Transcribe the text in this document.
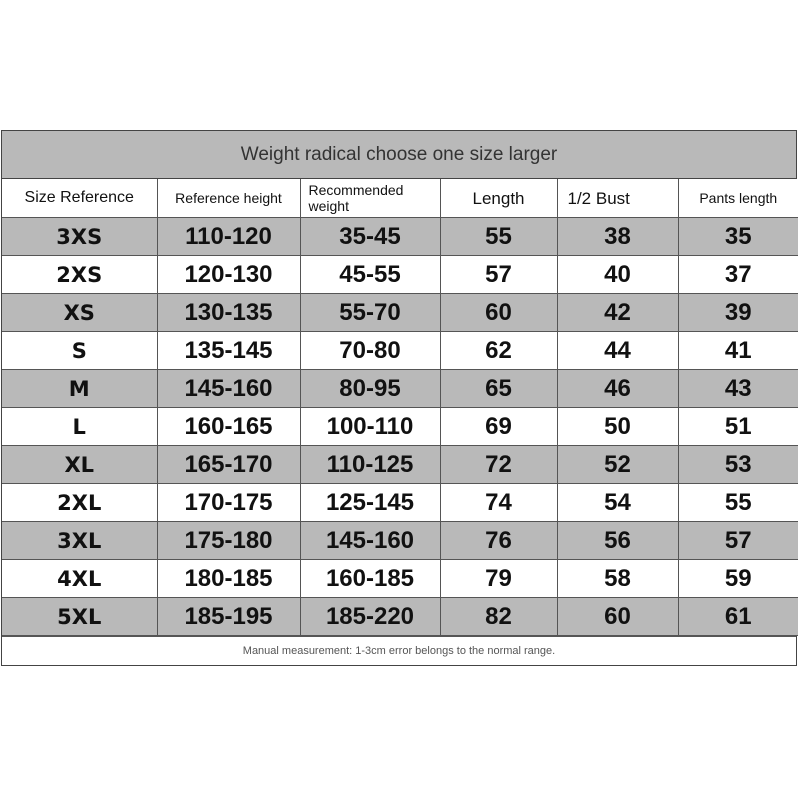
Weight radical choose one size larger
Size Reference	Reference height	Recommended weight	Length	1/2 Bust	Pants length
3XS	110-120	35-45	55	38	35
2XS	120-130	45-55	57	40	37
XS	130-135	55-70	60	42	39
S	135-145	70-80	62	44	41
M	145-160	80-95	65	46	43
L	160-165	100-110	69	50	51
XL	165-170	110-125	72	52	53
2XL	170-175	125-145	74	54	55
3XL	175-180	145-160	76	56	57
4XL	180-185	160-185	79	58	59
5XL	185-195	185-220	82	60	61
Manual measurement: 1-3cm error belongs to the normal range.
